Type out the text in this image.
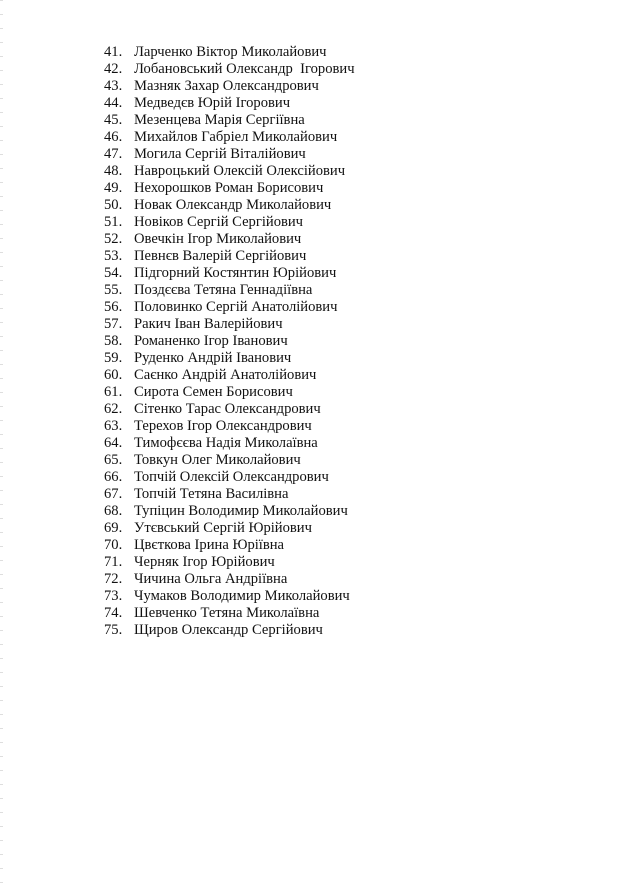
41. Ларченко Віктор Миколайович
42. Лобановський Олександр  Ігорович
43. Мазняк Захар Олександрович
44. Медведєв Юрій Ігорович
45. Мезенцева Марія Сергіївна
46. Михайлов Габріел Миколайович
47. Могила Сергій Віталійович
48. Навроцький Олексій Олексійович
49. Нехорошков Роман Борисович
50. Новак Олександр Миколайович
51. Новіков Сергій Сергійович
52. Овечкін Ігор Миколайович
53. Певнєв Валерій Сергійович
54. Підгорний Костянтин Юрійович
55. Поздєєва Тетяна Геннадіївна
56. Половинко Сергій Анатолійович
57. Ракич Іван Валерійович
58. Романенко Ігор Іванович
59. Руденко Андрій Іванович
60. Саєнко Андрій Анатолійович
61. Сирота Семен Борисович
62. Сітенко Тарас Олександрович
63. Терехов Ігор Олександрович
64. Тимофєєва Надія Миколаївна
65. Товкун Олег Миколайович
66. Топчій Олексій Олександрович
67. Топчій Тетяна Василівна
68. Тупіцин Володимир Миколайович
69. Утєвський Сергій Юрійович
70. Цвєткова Ірина Юріївна
71. Черняк Ігор Юрійович
72. Чичина Ольга Андріївна
73. Чумаков Володимир Миколайович
74. Шевченко Тетяна Миколаївна
75. Щиров Олександр Сергійович
